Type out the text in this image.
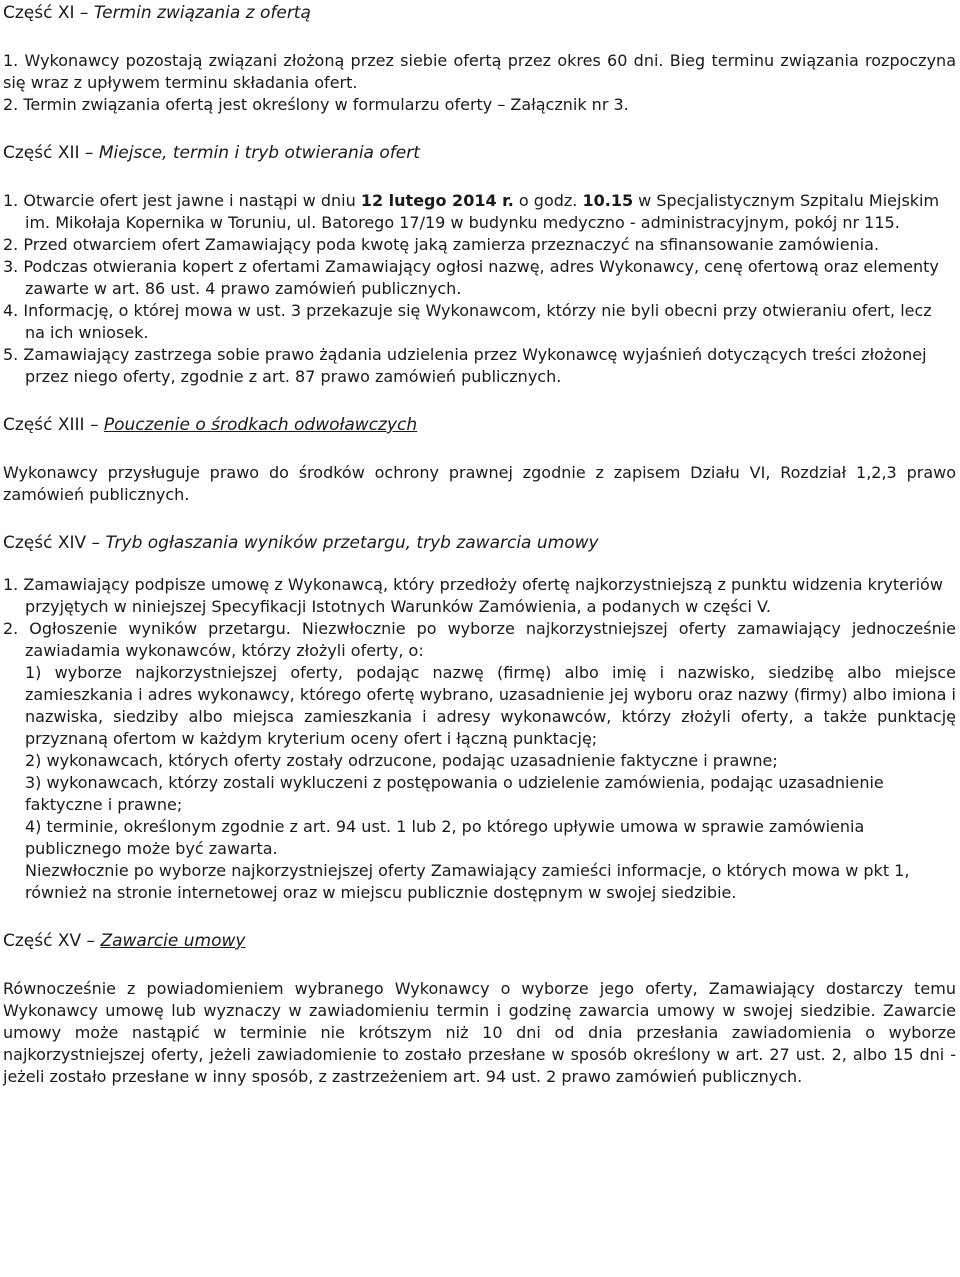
Część XI – Termin związania z ofertą

1. Wykonawcy pozostają związani złożoną przez siebie ofertą przez okres 60 dni. Bieg terminu związania rozpoczyna się wraz z upływem terminu składania ofert.

2. Termin związania ofertą jest określony w formularzu oferty – Załącznik nr 3.

Część XII – Miejsce, termin i tryb otwierania ofert

1. Otwarcie ofert jest jawne i nastąpi w dniu 12 lutego 2014 r. o godz. 10.15 w Specjalistycznym Szpitalu Miejskim im. Mikołaja Kopernika w Toruniu, ul. Batorego 17/19 w budynku medyczno - administracyjnym, pokój nr 115.

2. Przed otwarciem ofert Zamawiający poda kwotę jaką zamierza przeznaczyć na sfinansowanie zamówienia.

3. Podczas otwierania kopert z ofertami Zamawiający ogłosi nazwę, adres Wykonawcy, cenę ofertową oraz elementy zawarte w art. 86 ust. 4 prawo zamówień publicznych.

4. Informację, o której mowa w ust. 3 przekazuje się Wykonawcom, którzy nie byli obecni przy otwieraniu ofert, lecz na ich wniosek.

5. Zamawiający zastrzega sobie prawo żądania udzielenia przez Wykonawcę wyjaśnień dotyczących treści złożonej przez niego oferty, zgodnie z art. 87 prawo zamówień publicznych.

Część XIII – Pouczenie o środkach odwoławczych

Wykonawcy przysługuje prawo do środków ochrony prawnej zgodnie z zapisem Działu VI, Rozdział 1,2,3 prawo zamówień publicznych.

Część XIV – Tryb ogłaszania wyników przetargu, tryb zawarcia umowy

1. Zamawiający podpisze umowę z Wykonawcą, który przedłoży ofertę najkorzystniejszą z punktu widzenia kryteriów przyjętych w niniejszej Specyfikacji Istotnych Warunków Zamówienia, a podanych w części V.

2. Ogłoszenie wyników przetargu. Niezwłocznie po wyborze najkorzystniejszej oferty zamawiający jednocześnie zawiadamia wykonawców, którzy złożyli oferty, o:

1) wyborze najkorzystniejszej oferty, podając nazwę (firmę) albo imię i nazwisko, siedzibę albo miejsce zamieszkania i adres wykonawcy, którego ofertę wybrano, uzasadnienie jej wyboru oraz nazwy (firmy) albo imiona i nazwiska, siedziby albo miejsca zamieszkania i adresy wykonawców, którzy złożyli oferty, a także punktację przyznaną ofertom w każdym kryterium oceny ofert i łączną punktację;

2) wykonawcach, których oferty zostały odrzucone, podając uzasadnienie faktyczne i prawne;

3) wykonawcach, którzy zostali wykluczeni z postępowania o udzielenie zamówienia, podając uzasadnienie faktyczne i prawne;

4) terminie, określonym zgodnie z art. 94 ust. 1 lub 2, po którego upływie umowa w sprawie zamówienia publicznego może być zawarta.

Niezwłocznie po wyborze najkorzystniejszej oferty Zamawiający zamieści informacje, o których mowa w pkt 1, również na stronie internetowej oraz w miejscu publicznie dostępnym w swojej siedzibie.

Część XV – Zawarcie umowy

Równocześnie z powiadomieniem wybranego Wykonawcy o wyborze jego oferty, Zamawiający dostarczy temu Wykonawcy umowę lub wyznaczy w zawiadomieniu termin i godzinę zawarcia umowy w swojej siedzibie. Zawarcie umowy może nastąpić w terminie nie krótszym niż 10 dni od dnia przesłania zawiadomienia o wyborze najkorzystniejszej oferty, jeżeli zawiadomienie to zostało przesłane w sposób określony w art. 27 ust. 2, albo 15 dni - jeżeli zostało przesłane w inny sposób, z zastrzeżeniem art. 94 ust. 2 prawo zamówień publicznych.
